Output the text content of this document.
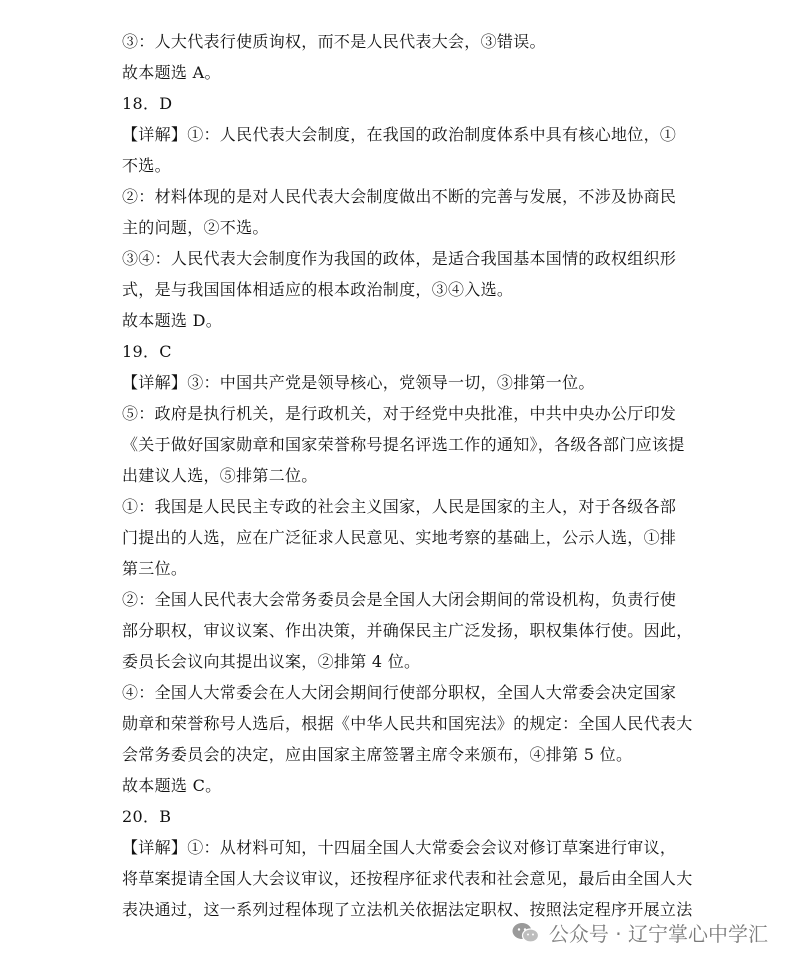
③：人大代表行使质询权，而不是人民代表大会，③错误。
故本题选 A。
18．D
【详解】①：人民代表大会制度，在我国的政治制度体系中具有核心地位，①
不选。
②：材料体现的是对人民代表大会制度做出不断的完善与发展，不涉及协商民
主的问题，②不选。
③④：人民代表大会制度作为我国的政体，是适合我国基本国情的政权组织形
式，是与我国国体相适应的根本政治制度，③④入选。
故本题选 D。
19．C
【详解】③：中国共产党是领导核心，党领导一切，③排第一位。
⑤：政府是执行机关，是行政机关，对于经党中央批准，中共中央办公厅印发
《关于做好国家勋章和国家荣誉称号提名评选工作的通知》，各级各部门应该提
出建议人选，⑤排第二位。
①：我国是人民民主专政的社会主义国家，人民是国家的主人，对于各级各部
门提出的人选，应在广泛征求人民意见、实地考察的基础上，公示人选，①排
第三位。
②：全国人民代表大会常务委员会是全国人大闭会期间的常设机构，负责行使
部分职权，审议议案、作出决策，并确保民主广泛发扬，职权集体行使。因此，
委员长会议向其提出议案，②排第 4 位。
④：全国人大常委会在人大闭会期间行使部分职权，全国人大常委会决定国家
勋章和荣誉称号人选后，根据《中华人民共和国宪法》的规定：全国人民代表大
会常务委员会的决定，应由国家主席签署主席令来颁布，④排第 5 位。
故本题选 C。
20．B
【详解】①：从材料可知，十四届全国人大常委会会议对修订草案进行审议，
将草案提请全国人大会议审议，还按程序征求代表和社会意见，最后由全国人大
表决通过，这一系列过程体现了立法机关依据法定职权、按照法定程序开展立法
公众号 · 辽宁掌心中学汇
